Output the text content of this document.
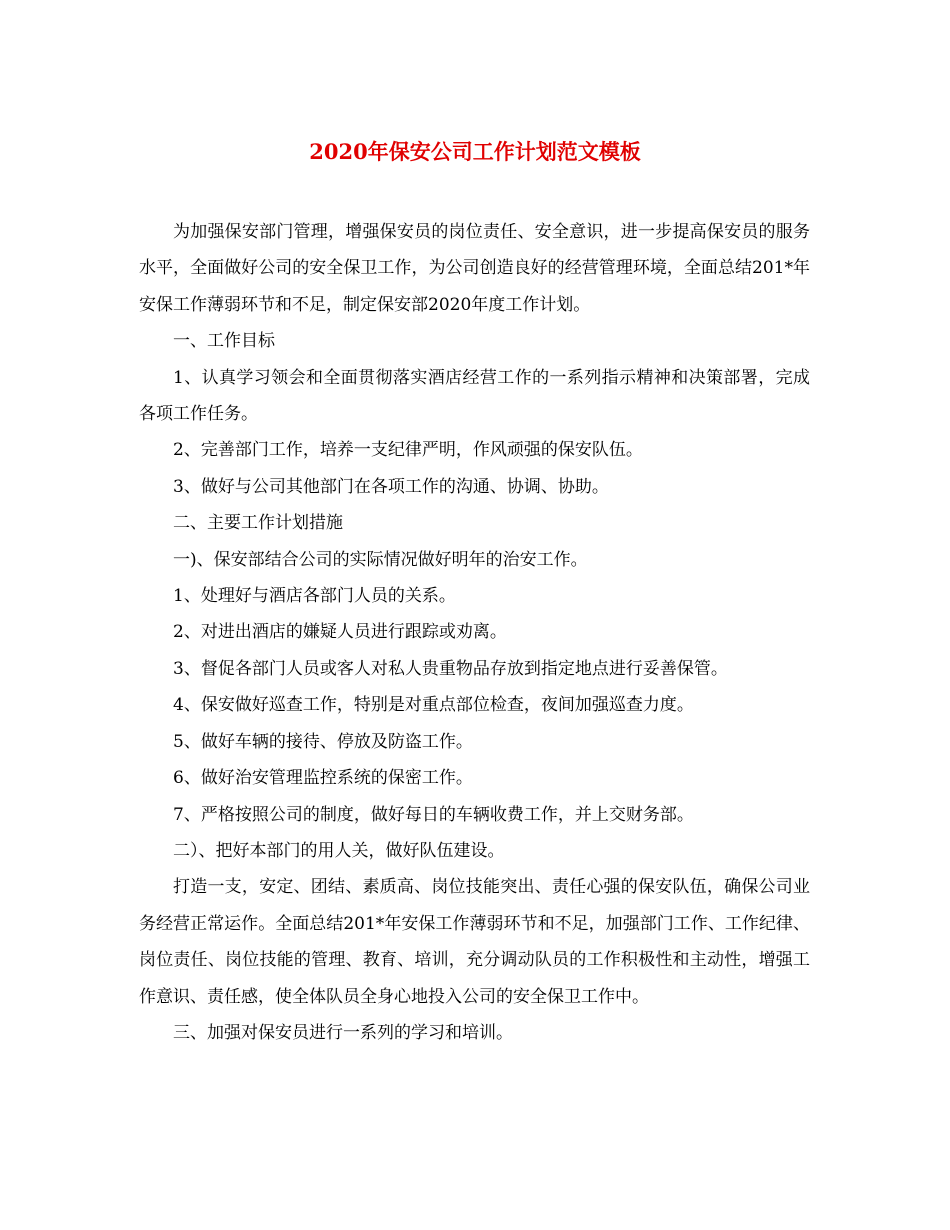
2020年保安公司工作计划范文模板

为加强保安部门管理，增强保安员的岗位责任、安全意识，进一步提高保安员的服务水平，全面做好公司的安全保卫工作，为公司创造良好的经营管理环境，全面总结201*年安保工作薄弱环节和不足，制定保安部2020年度工作计划。

一、工作目标

1、认真学习领会和全面贯彻落实酒店经营工作的一系列指示精神和决策部署，完成各项工作任务。

2、完善部门工作，培养一支纪律严明，作风顽强的保安队伍。

3、做好与公司其他部门在各项工作的沟通、协调、协助。

二、主要工作计划措施

一)、保安部结合公司的实际情况做好明年的治安工作。

1、处理好与酒店各部门人员的关系。

2、对进出酒店的嫌疑人员进行跟踪或劝离。

3、督促各部门人员或客人对私人贵重物品存放到指定地点进行妥善保管。

4、保安做好巡查工作，特别是对重点部位检查，夜间加强巡查力度。

5、做好车辆的接待、停放及防盗工作。

6、做好治安管理监控系统的保密工作。

7、严格按照公司的制度，做好每日的车辆收费工作，并上交财务部。

二）、把好本部门的用人关，做好队伍建设。

打造一支，安定、团结、素质高、岗位技能突出、责任心强的保安队伍，确保公司业务经营正常运作。全面总结201*年安保工作薄弱环节和不足，加强部门工作、工作纪律、岗位责任、岗位技能的管理、教育、培训，充分调动队员的工作积极性和主动性，增强工作意识、责任感，使全体队员全身心地投入公司的安全保卫工作中。

三、加强对保安员进行一系列的学习和培训。
